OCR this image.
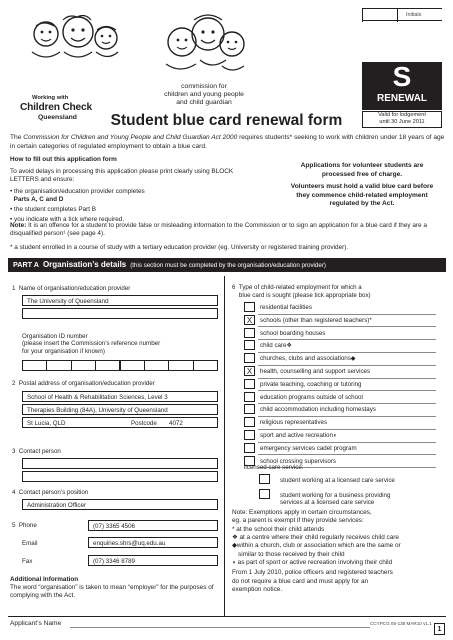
Initials
Working with
Children Check
Queensland
commission for
children and young people
and child guardian
S
RENEWAL
Valid for lodgement
until 30 June 2011
Student blue card renewal form
The Commission for Children and Young People and Child Guardian Act 2000 requires students* seeking to work with children under 18 years of age in certain categories of regulated employment to obtain a blue card.
How to fill out this application form
To avoid delays in processing this application please print clearly using BLOCK LETTERS and ensure:
• the organisation/education provider completes
Parts A, C and D
• the student completes Part B
• you indicate with a tick where required.
Applications for volunteer students are processed free of charge.
Volunteers must hold a valid blue card before they commence child-related employment regulated by the Act.
Note: It is an offence for a student to provide false or misleading information to the Commission or to sign an application for a blue card if they are a disqualified person¹ (see page 4).
* a student enrolled in a course of study with a tertiary education provider (eg. University or registered training provider).
PART A Organisation’s details (this section must be completed by the organisation/education provider)
1 Name of organisation/education provider
The University of Queensland
Organisation ID number
(please insert the Commission’s reference number
for your organisation if known)
2 Postal address of organisation/education provider
School of Health & Rehabilitation Sciences, Level 3
Therapies Building (84A), University of Queensland
St Lucia, QLD	Postcode 4072
3 Contact person
4 Contact person’s position
Administration Officer
5 Phone	(07) 3365 4506
Email	enquiries.shrs@uq.edu.au
Fax	(07) 3346 8789
Additional Information
The word “organisation” is taken to mean “employer” for the purposes of complying with the Act.
6 Type of child-related employment for which a
blue card is sought (please tick appropriate box)
residential facilities
X	schools (other than registered teachers)*
school boarding houses
child care❖
churches, clubs and associations◆
X	health, counselling and support services
private teaching, coaching or tutoring
education programs outside of school
child accommodation including homestays
religious representatives
sport and active recreation◖
emergency services cadet program
school crossing supervisors
licensed care service:
student working at a licensed care service
student working for a business providing
services at a licensed care service
Note: Exemptions apply in certain circumstances,
eg. a parent is exempt if they provide services:
* at the school their child attends
❖ at a centre where their child regularly receives child care
◆within a church, club or association which are the same or
similar to those received by their child
◖ as part of sport or active recreation involving their child
From 1 July 2010, police officers and registered teachers
do not require a blue card and must apply for an
exemption notice.
Applicant’s Name	CCYPCG 05-138 MAR10 v1.1
1
